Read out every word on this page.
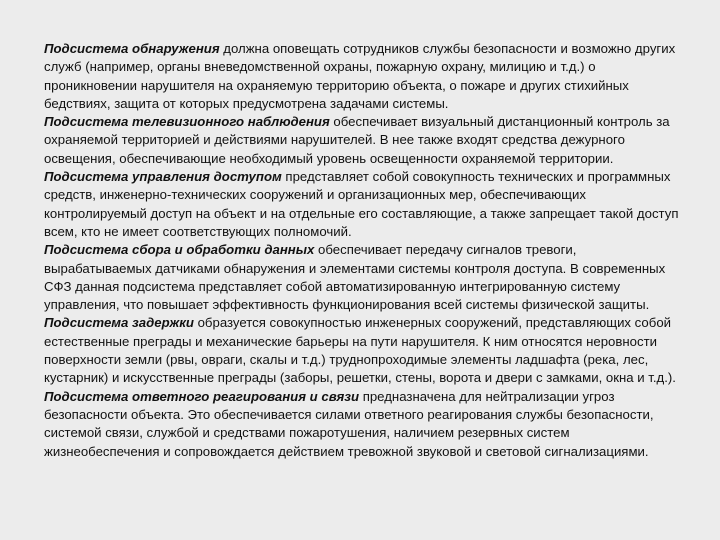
Подсистема обнаружения должна оповещать сотрудников службы безопасности и возможно других служб (например, органы вневедомственной охраны, пожарную охрану, милицию и т.д.) о проникновении нарушителя на охраняемую территорию объекта, о пожаре и других стихийных бедствиях, защита от которых предусмотрена задачами системы.

Подсистема телевизионного наблюдения обеспечивает визуальный дистанционный контроль за охраняемой территорией и действиями нарушителей. В нее также входят средства дежурного освещения, обеспечивающие необходимый уровень освещенности охраняемой территории.

Подсистема управления доступом представляет собой совокупность технических и программных средств, инженерно-технических сооружений и организационных мер, обеспечивающих контролируемый доступ на объект и на отдельные его составляющие, а также запрещает такой доступ всем, кто не имеет соответствующих полномочий.

Подсистема сбора и обработки данных обеспечивает передачу сигналов тревоги, вырабатываемых датчиками обнаружения и элементами системы контроля доступа. В современных СФЗ данная подсистема представляет собой автоматизированную интегрированную систему управления, что повышает эффективность функционирования всей системы физической защиты.

Подсистема задержки образуется совокупностью инженерных сооружений, представляющих собой естественные преграды и механические барьеры на пути нарушителя. К ним относятся неровности поверхности земли (рвы, овраги, скалы и т.д.) труднопроходимые элементы ладшафта (река, лес, кустарник) и искусственные преграды (заборы, решетки, стены, ворота и двери с замками, окна и т.д.).

Подсистема ответного реагирования и связи предназначена для нейтрализации угроз безопасности объекта. Это обеспечивается силами ответного реагирования службы безопасности, системой связи, службой и средствами пожаротушения, наличием резервных систем жизнеобеспечения и сопровождается действием тревожной звуковой и световой сигнализациями.
